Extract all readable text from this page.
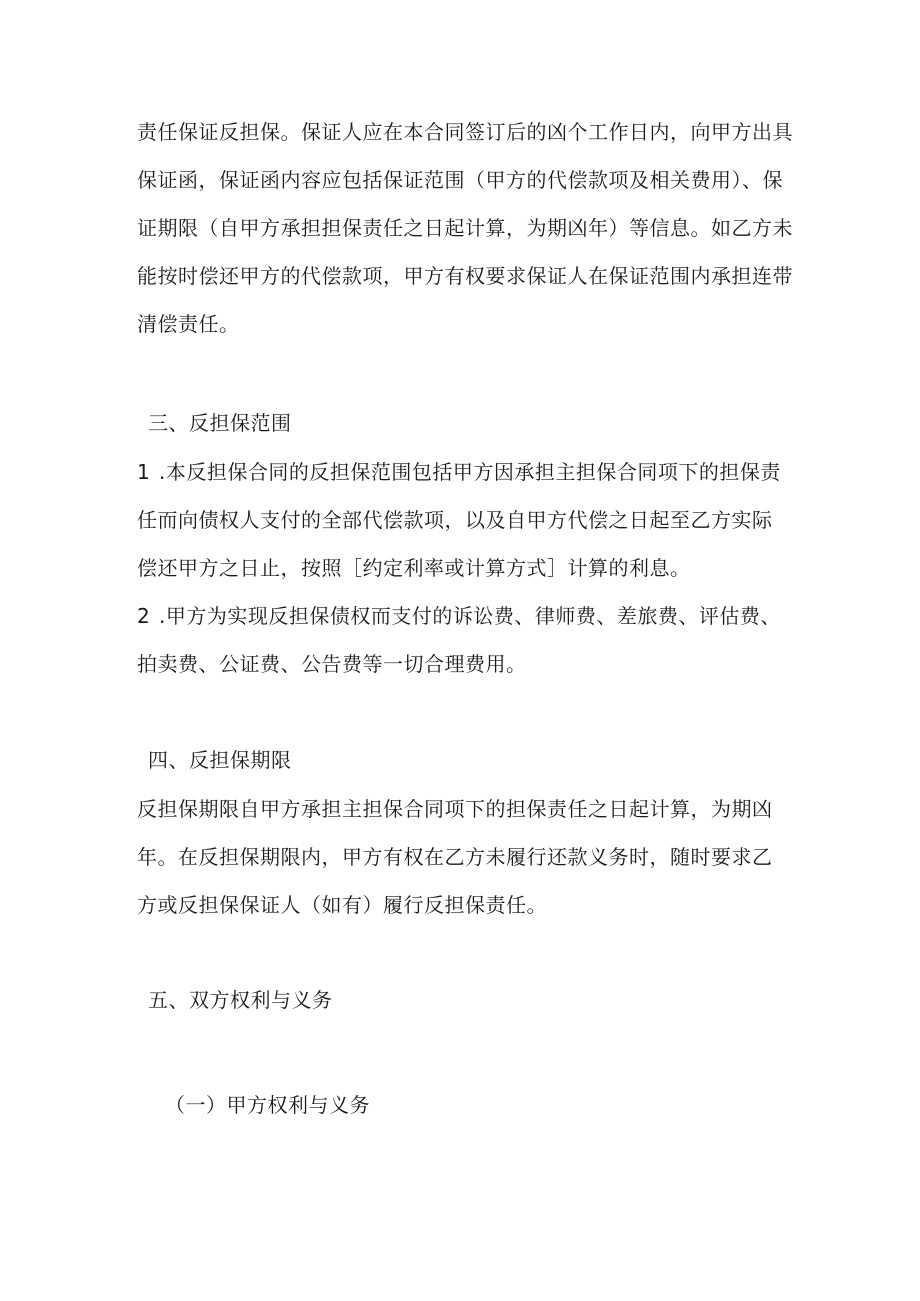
责任保证反担保。保证人应在本合同签订后的凶个工作日内，向甲方出具
保证函，保证函内容应包括保证范围（甲方的代偿款项及相关费用）、保
证期限（自甲方承担担保责任之日起计算，为期凶年）等信息。如乙方未
能按时偿还甲方的代偿款项，甲方有权要求保证人在保证范围内承担连带
清偿责任。
三、反担保范围
1 .本反担保合同的反担保范围包括甲方因承担主担保合同项下的担保责
任而向债权人支付的全部代偿款项，以及自甲方代偿之日起至乙方实际
偿还甲方之日止，按照［约定利率或计算方式］计算的利息。
2 .甲方为实现反担保债权而支付的诉讼费、律师费、差旅费、评估费、
拍卖费、公证费、公告费等一切合理费用。
四、反担保期限
反担保期限自甲方承担主担保合同项下的担保责任之日起计算，为期凶
年。在反担保期限内，甲方有权在乙方未履行还款义务时，随时要求乙
方或反担保保证人（如有）履行反担保责任。
五、双方权利与义务
（一）甲方权利与义务
